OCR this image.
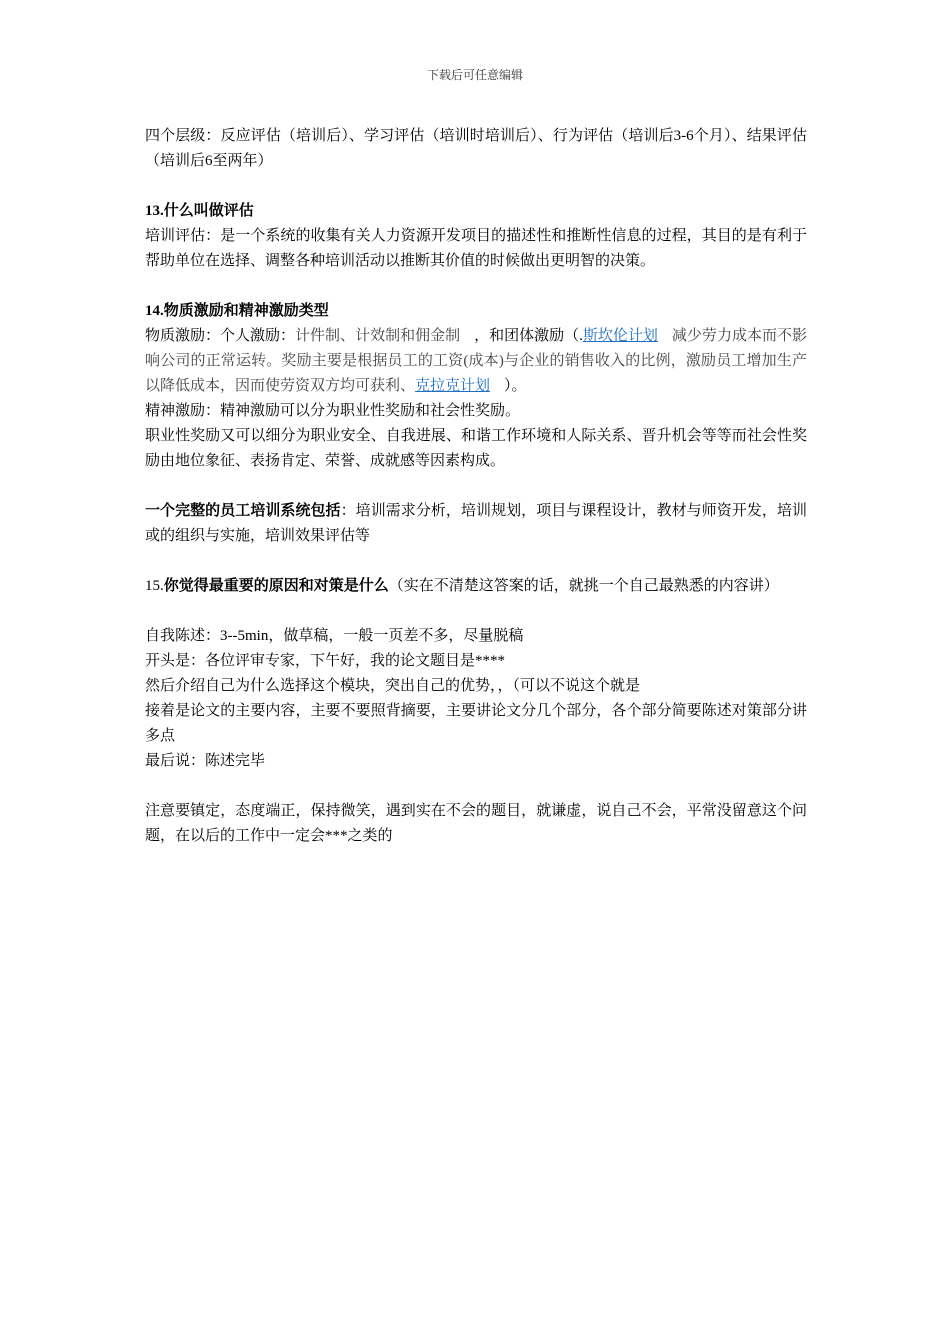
下载后可任意编辑

四个层级：反应评估（培训后）、学习评估（培训时培训后）、行为评估（培训后3-6个月）、结果评估（培训后6至两年）

13.什么叫做评估

培训评估：是一个系统的收集有关人力资源开发项目的描述性和推断性信息的过程，其目的是有利于帮助单位在选择、调整各种培训活动以推断其价值的时候做出更明智的决策。

14.物质激励和精神激励类型

物质激励：个人激励：计件制、计效制和佣金制 ，和团体激励（.斯坎伦计划 减少劳力成本而不影响公司的正常运转。奖励主要是根据员工的工资(成本)与企业的销售收入的比例，激励员工增加生产以降低成本，因而使劳资双方均可获利、克拉克计划 ）。

精神激励：精神激励可以分为职业性奖励和社会性奖励。

职业性奖励又可以细分为职业安全、自我进展、和谐工作环境和人际关系、晋升机会等等而社会性奖励由地位象征、表扬肯定、荣誉、成就感等因素构成。

一个完整的员工培训系统包括：培训需求分析，培训规划，项目与课程设计，教材与师资开发，培训或的组织与实施，培训效果评估等

15.你觉得最重要的原因和对策是什么（实在不清楚这答案的话，就挑一个自己最熟悉的内容讲）

自我陈述：3--5min，做草稿，一般一页差不多，尽量脱稿

开头是：各位评审专家，下午好，我的论文题目是****

然后介绍自己为什么选择这个模块，突出自己的优势，，（可以不说这个就是

接着是论文的主要内容，主要不要照背摘要，主要讲论文分几个部分，各个部分简要陈述对策部分讲多点

最后说：陈述完毕

注意要镇定，态度端正，保持微笑，遇到实在不会的题目，就谦虚，说自己不会，平常没留意这个问题，在以后的工作中一定会***之类的
